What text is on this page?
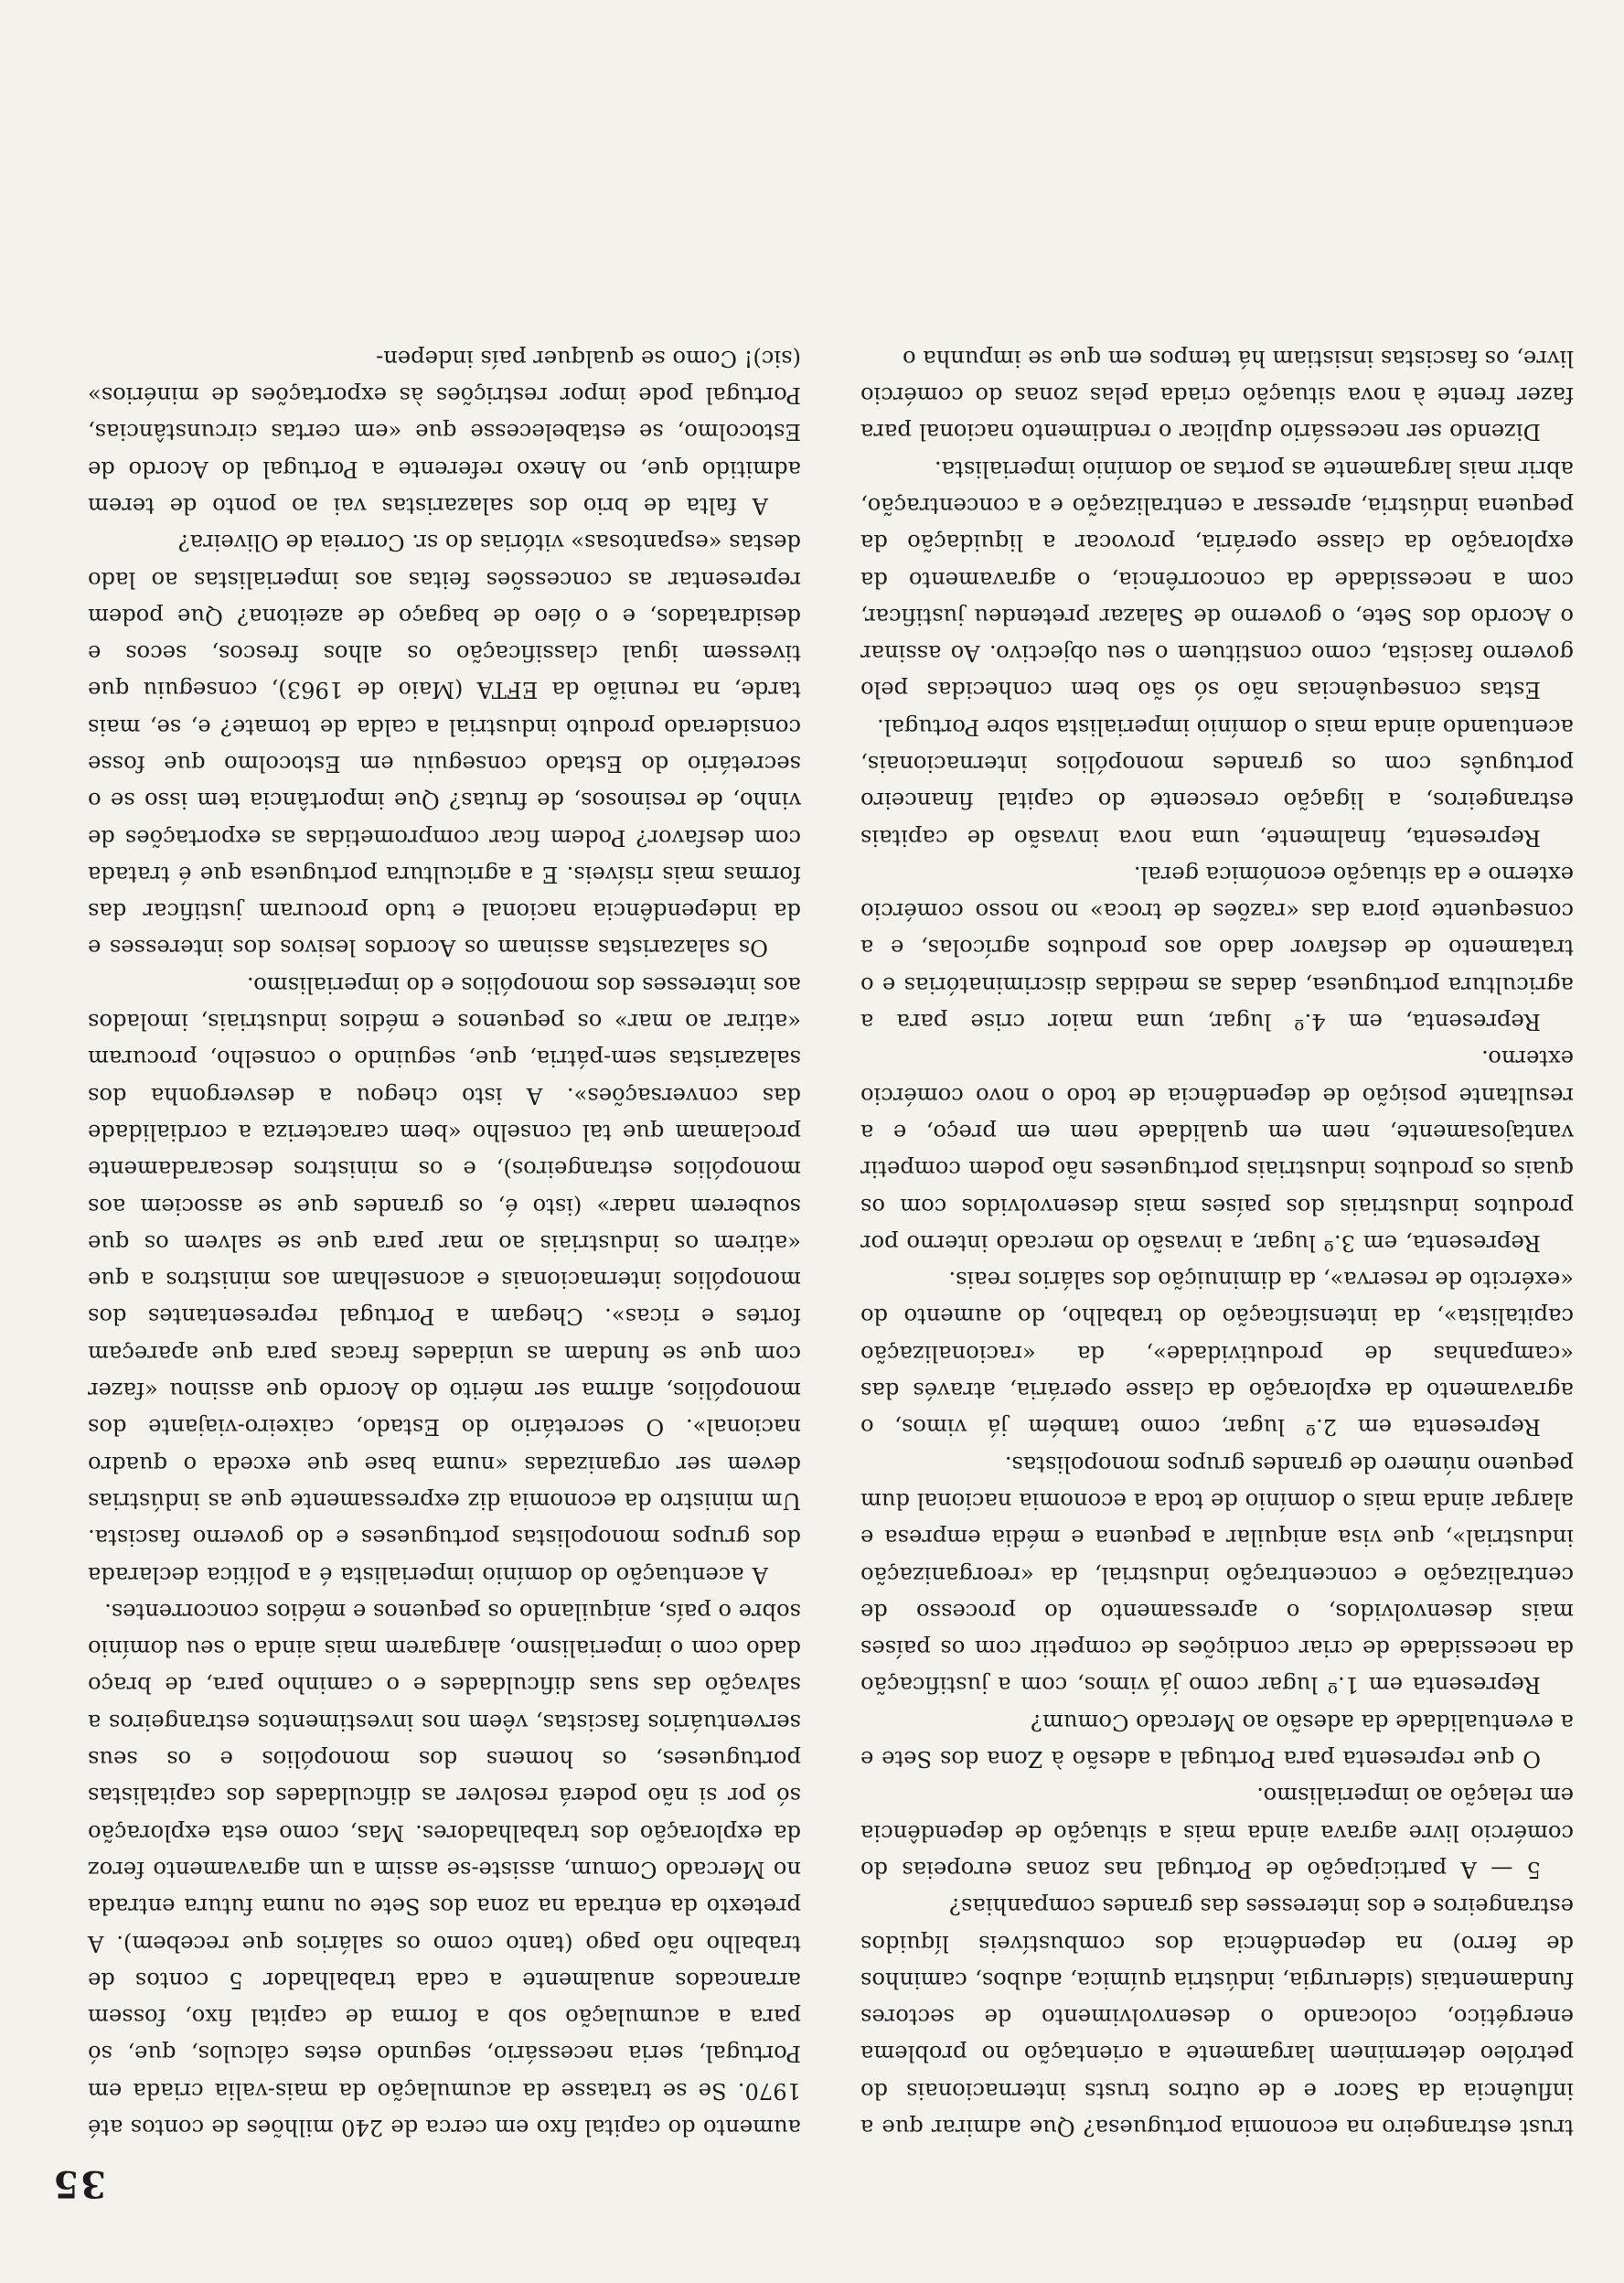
35

trust estrangeiro na economia portuguesa? Que admirar que a influência da Sacor e de outros trusts internacionais do petróleo determinem largamente a orientação no problema energético, colocando o desenvolvimento de sectores fundamentais (siderurgia, indústria química, adubos, caminhos de ferro) na dependência dos combustíveis líquidos estrangeiros e dos interesses das grandes companhias?

5 — A participação de Portugal nas zonas europeias do comércio livre agrava ainda mais a situação de dependência em relação ao imperialismo.

O que representa para Portugal a adesão à Zona dos Sete e a eventualidade da adesão ao Mercado Comum?

Representa em 1.º lugar como já vimos, com a justificação da necessidade de criar condições de competir com os países mais desenvolvidos, o apressamento do processo de centralização e concentração industrial, da «reorganização industrial», que visa aniquilar a pequena e média empresa e alargar ainda mais o domínio de toda a economia nacional dum pequeno número de grandes grupos monopolistas.

Representa em 2.º lugar, como também já vimos, o agravamento da exploração da classe operária, através das «campanhas de produtividade», da «racionalização capitalista», da intensificação do trabalho, do aumento do «exército de reserva», da diminuição dos salários reais.

Representa, em 3.º lugar, a invasão do mercado interno por produtos industriais dos países mais desenvolvidos com os quais os produtos industriais portugueses não podem competir vantajosamente, nem em qualidade nem em preço, e a resultante posição de dependência de todo o novo comércio externo.

Representa, em 4.º lugar, uma maior crise para a agricultura portuguesa, dadas as medidas discriminatórias e o tratamento de desfavor dado aos produtos agrícolas, e a consequente piora das «razões de troca» no nosso comércio externo e da situação económica geral.

Representa, finalmente, uma nova invasão de capitais estrangeiros, a ligação crescente do capital financeiro português com os grandes monopólios internacionais, acentuando ainda mais o domínio imperialista sobre Portugal.

Estas consequências não só são bem conhecidas pelo governo fascista, como constituem o seu objectivo. Ao assinar o Acordo dos Sete, o governo de Salazar pretendeu justificar, com a necessidade da concorrência, o agravamento da exploração da classe operária, provocar a liquidação da pequena indústria, apressar a centralização e a concentração, abrir mais largamente as portas ao domínio imperialista.

Dizendo ser necessário duplicar o rendimento nacional para fazer frente à nova situação criada pelas zonas do comércio livre, os fascistas insistiam há tempos em que se impunha o

aumento do capital fixo em cerca de 240 milhões de contos até 1970. Se se tratasse da acumulação da mais-valia criada em Portugal, seria necessário, segundo estes cálculos, que, só para a acumulação sob a forma de capital fixo, fossem arrancados anualmente a cada trabalhador 5 contos de trabalho não pago (tanto como os salários que recebem). A pretexto da entrada na zona dos Sete ou numa futura entrada no Mercado Comum, assiste-se assim a um agravamento feroz da exploração dos trabalhadores. Mas, como esta exploração só por si não poderá resolver as dificuldades dos capitalistas portugueses, os homens dos monopólios e os seus serventuários fascistas, vêem nos investimentos estrangeiros a salvação das suas dificuldades e o caminho para, de braço dado com o imperialismo, alargarem mais ainda o seu domínio sobre o país, aniquilando os pequenos e médios concorrentes.

A acentuação do domínio imperialista é a política declarada dos grupos monopolistas portugueses e do governo fascista. Um ministro da economia diz expressamente que as indústrias devem ser organizadas «numa base que exceda o quadro nacional». O secretário do Estado, caixeiro-viajante dos monopólios, afirma ser mérito do Acordo que assinou «fazer com que se fundam as unidades fracas para que apareçam fortes e ricas». Chegam a Portugal representantes dos monopólios internacionais e aconselham aos ministros a que «atirem os industriais ao mar para que se salvem os que souberem nadar» (isto é, os grandes que se associem aos monopólios estrangeiros), e os ministros descaradamente proclamam que tal conselho «bem caracteriza a cordialidade das conversações». A isto chegou a desvergonha dos salazaristas sem-pátria, que, seguindo o conselho, procuram «atirar ao mar» os pequenos e médios industriais, imolados aos interesses dos monopólios e do imperialismo.

Os salazaristas assinam os Acordos lesivos dos interesses e da independência nacional e tudo procuram justificar das formas mais risíveis. E a agricultura portuguesa que é tratada com desfavor? Podem ficar comprometidas as exportações de vinho, de resinosos, de frutas? Que importância tem isso se o secretário do Estado conseguiu em Estocolmo que fosse considerado produto industrial a calda de tomate? e, se, mais tarde, na reunião da EFTA (Maio de 1963), conseguiu que tivessem igual classificação os alhos frescos, secos e desidratados, e o óleo de bagaço de azeitona? Que podem representar as concessões feitas aos imperialistas ao lado destas «espantosas» vitórias do sr. Correia de Oliveira?

A falta de brio dos salazaristas vai ao ponto de terem admitido que, no Anexo referente a Portugal do Acordo de Estocolmo, se estabelecesse que «em certas circunstâncias, Portugal pode impor restrições às exportações de minérios» (sic)! Como se qualquer país indepen-
